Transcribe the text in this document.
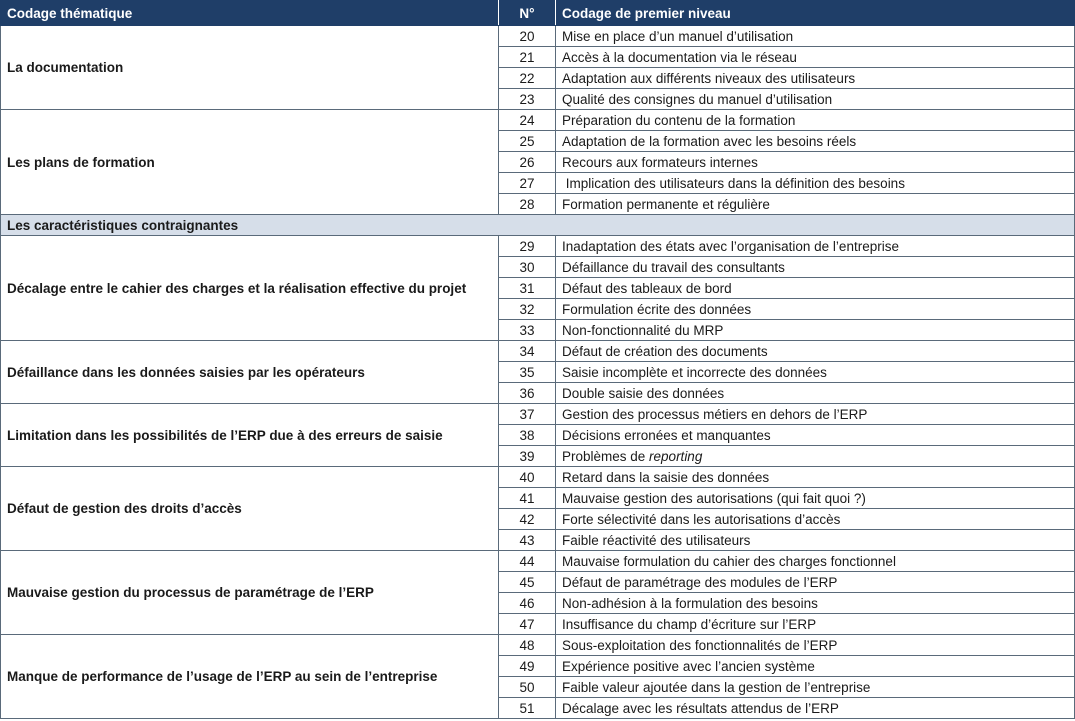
Codage thématique	N°	Codage de premier niveau
La documentation	20	Mise en place d’un manuel d’utilisation
	21	Accès à la documentation via le réseau
	22	Adaptation aux différents niveaux des utilisateurs
	23	Qualité des consignes du manuel d’utilisation
Les plans de formation	24	Préparation du contenu de la formation
	25	Adaptation de la formation avec les besoins réels
	26	Recours aux formateurs internes
	27	Implication des utilisateurs dans la définition des besoins
	28	Formation permanente et régulière
Les caractéristiques contraignantes		
Décalage entre le cahier des charges et la réalisation effective du projet	29	Inadaptation des états avec l’organisation de l’entreprise
	30	Défaillance du travail des consultants
	31	Défaut des tableaux de bord
	32	Formulation écrite des données
	33	Non-fonctionnalité du MRP
Défaillance dans les données saisies par les opérateurs	34	Défaut de création des documents
	35	Saisie incomplète et incorrecte des données
	36	Double saisie des données
Limitation dans les possibilités de l’ERP due à des erreurs de saisie	37	Gestion des processus métiers en dehors de l’ERP
	38	Décisions erronées et manquantes
	39	Problèmes de reporting
Défaut de gestion des droits d’accès	40	Retard dans la saisie des données
	41	Mauvaise gestion des autorisations (qui fait quoi ?)
	42	Forte sélectivité dans les autorisations d’accès
	43	Faible réactivité des utilisateurs
Mauvaise gestion du processus de paramétrage de l’ERP	44	Mauvaise formulation du cahier des charges fonctionnel
	45	Défaut de paramétrage des modules de l’ERP
	46	Non-adhésion à la formulation des besoins
	47	Insuffisance du champ d’écriture sur l’ERP
Manque de performance de l’usage de l’ERP au sein de l’entreprise	48	Sous-exploitation des fonctionnalités de l’ERP
	49	Expérience positive avec l’ancien système
	50	Faible valeur ajoutée dans la gestion de l’entreprise
	51	Décalage avec les résultats attendus de l’ERP
